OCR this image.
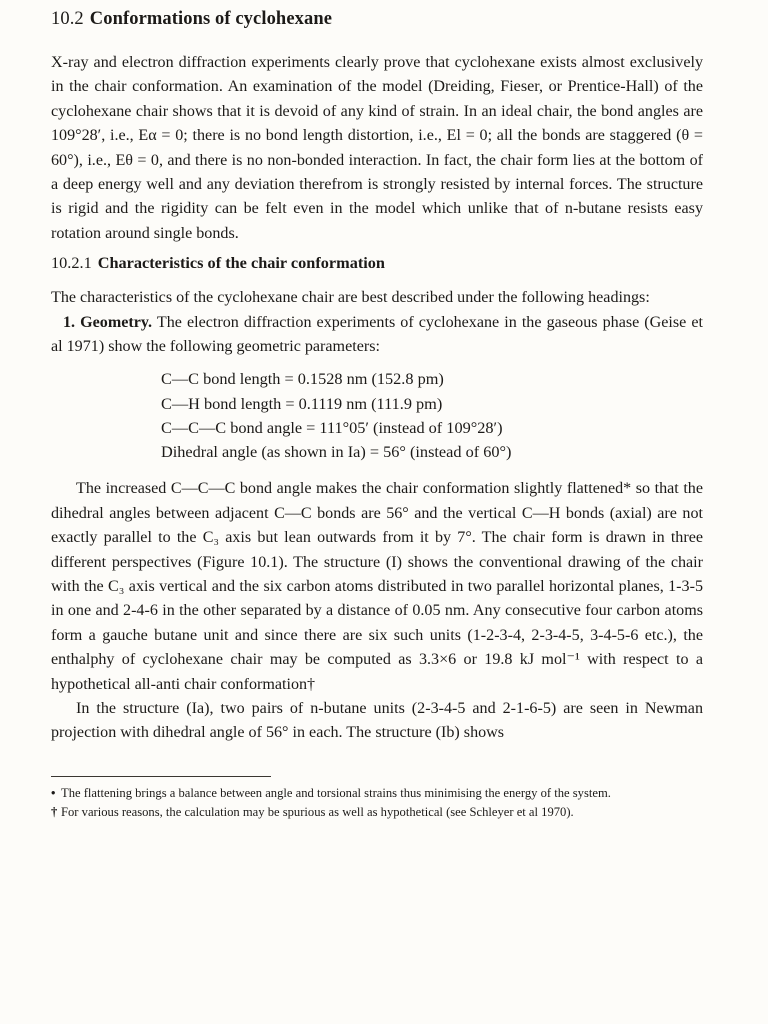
10.2 Conformations of cyclohexane

X-ray and electron diffraction experiments clearly prove that cyclohexane exists almost exclusively in the chair conformation. An examination of the model (Dreiding, Fieser, or Prentice-Hall) of the cyclohexane chair shows that it is devoid of any kind of strain. In an ideal chair, the bond angles are 109°28′, i.e., Eα = 0; there is no bond length distortion, i.e., El = 0; all the bonds are staggered (θ = 60°), i.e., Eθ = 0, and there is no non-bonded interaction. In fact, the chair form lies at the bottom of a deep energy well and any deviation therefrom is strongly resisted by internal forces. The structure is rigid and the rigidity can be felt even in the model which unlike that of n-butane resists easy rotation around single bonds.

10.2.1 Characteristics of the chair conformation

The characteristics of the cyclohexane chair are best described under the following headings:

1. Geometry. The electron diffraction experiments of cyclohexane in the gaseous phase (Geise et al 1971) show the following geometric parameters:

C—C bond length = 0.1528 nm (152.8 pm)
C—H bond length = 0.1119 nm (111.9 pm)
C—C—C bond angle = 111°05′ (instead of 109°28′)
Dihedral angle (as shown in Ia) = 56° (instead of 60°)

The increased C—C—C bond angle makes the chair conformation slightly flattened* so that the dihedral angles between adjacent C—C bonds are 56° and the vertical C—H bonds (axial) are not exactly parallel to the C₃ axis but lean outwards from it by 7°. The chair form is drawn in three different perspectives (Figure 10.1). The structure (I) shows the conventional drawing of the chair with the C₃ axis vertical and the six carbon atoms distributed in two parallel horizontal planes, 1-3-5 in one and 2-4-6 in the other separated by a distance of 0.05 nm. Any consecutive four carbon atoms form a gauche butane unit and since there are six such units (1-2-3-4, 2-3-4-5, 3-4-5-6 etc.), the enthalphy of cyclohexane chair may be computed as 3.3×6 or 19.8 kJ mol⁻¹ with respect to a hypothetical all-anti chair conformation†

In the structure (Ia), two pairs of n-butane units (2-3-4-5 and 2-1-6-5) are seen in Newman projection with dihedral angle of 56° in each. The structure (Ib) shows

• The flattening brings a balance between angle and torsional strains thus minimising the energy of the system.
† For various reasons, the calculation may be spurious as well as hypothetical (see Schleyer et al 1970).
